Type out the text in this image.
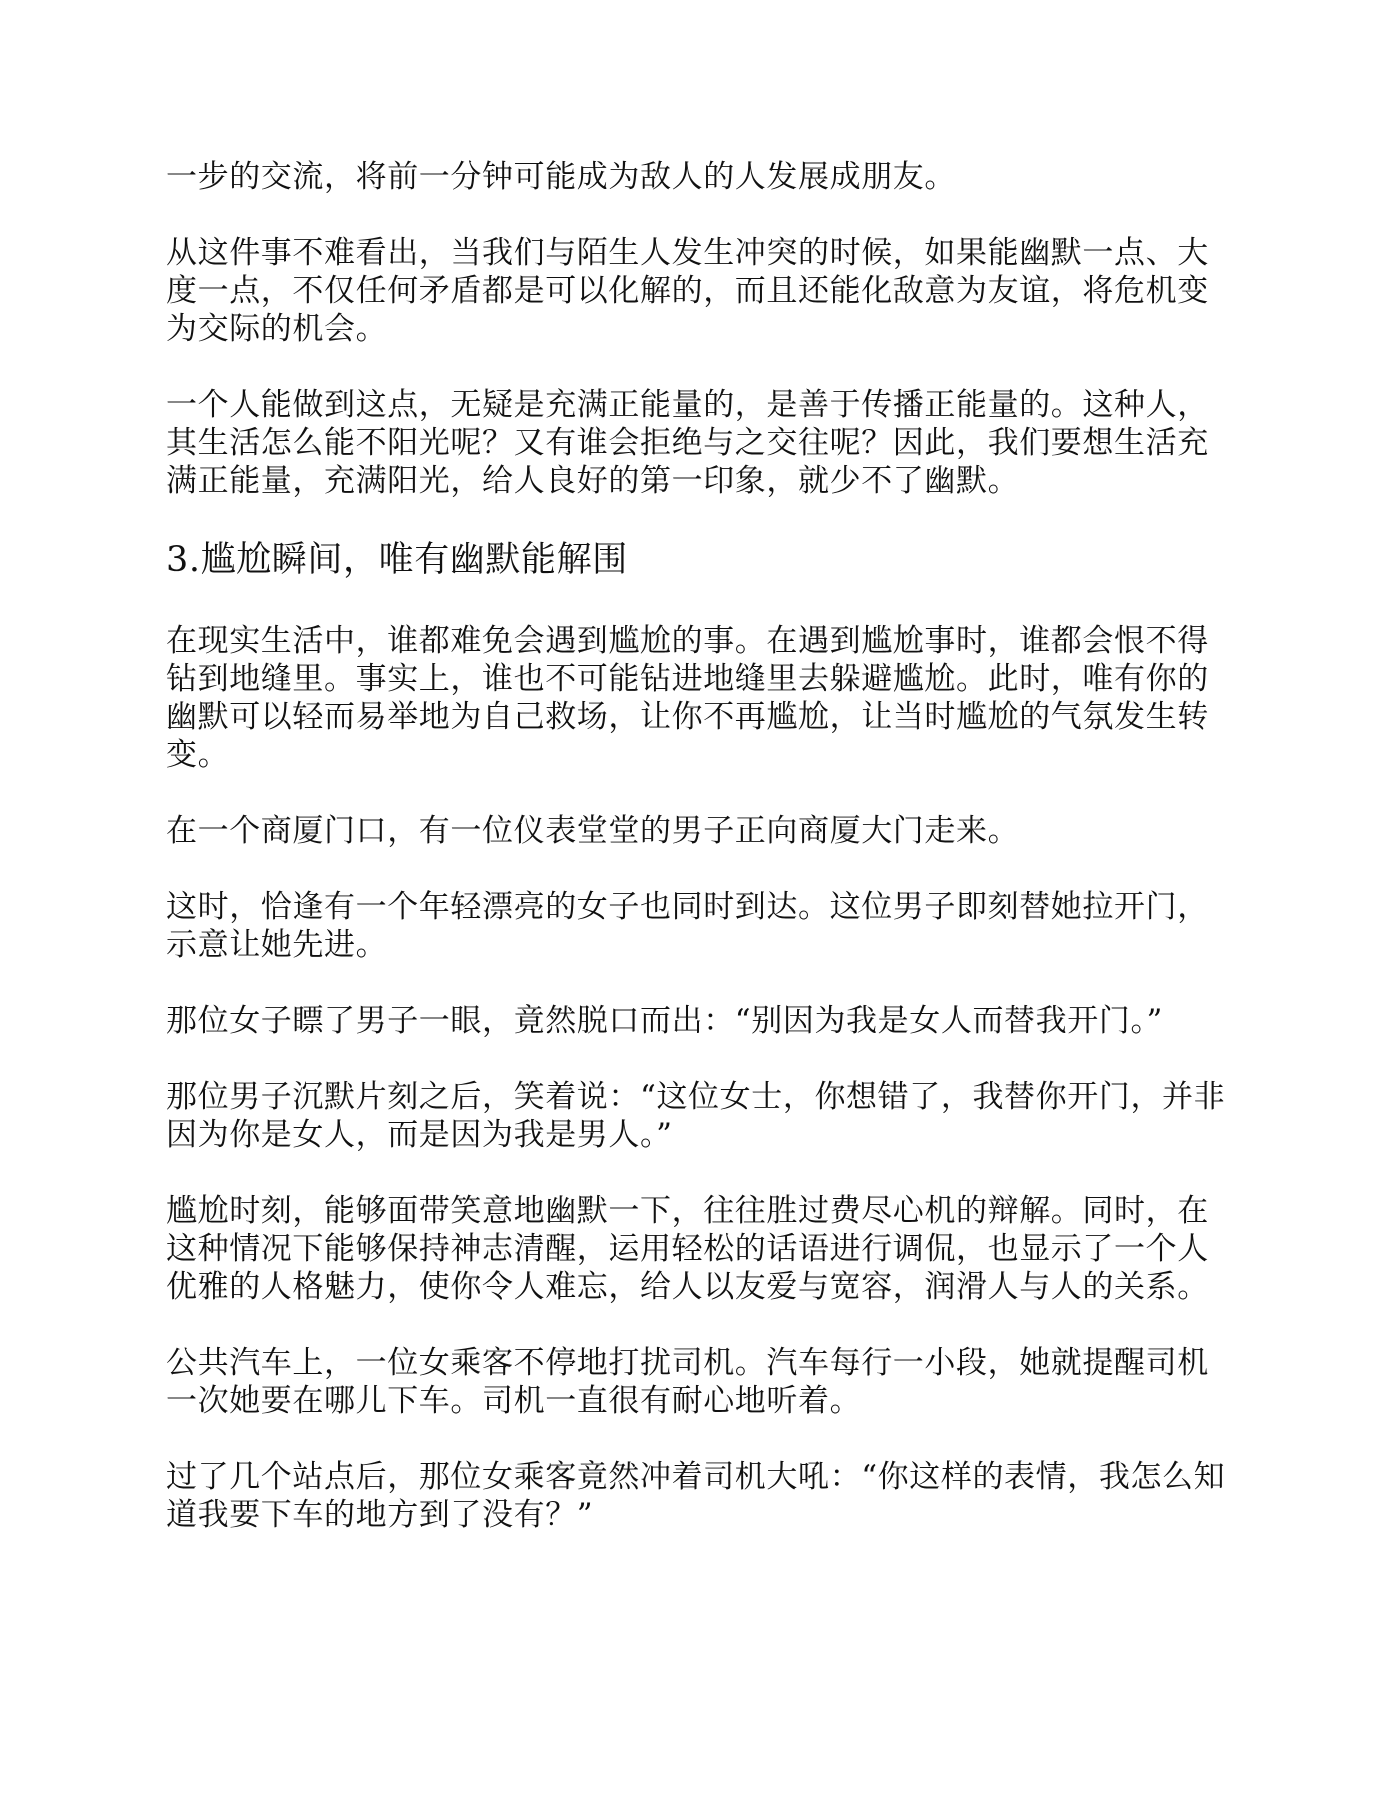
一步的交流，将前一分钟可能成为敌人的人发展成朋友。

从这件事不难看出，当我们与陌生人发生冲突的时候，如果能幽默一点、大度一点，不仅任何矛盾都是可以化解的，而且还能化敌意为友谊，将危机变为交际的机会。

一个人能做到这点，无疑是充满正能量的，是善于传播正能量的。这种人，其生活怎么能不阳光呢？又有谁会拒绝与之交往呢？因此，我们要想生活充满正能量，充满阳光，给人良好的第一印象，就少不了幽默。

3.尴尬瞬间，唯有幽默能解围

在现实生活中，谁都难免会遇到尴尬的事。在遇到尴尬事时，谁都会恨不得钻到地缝里。事实上，谁也不可能钻进地缝里去躲避尴尬。此时，唯有你的幽默可以轻而易举地为自己救场，让你不再尴尬，让当时尴尬的气氛发生转变。

在一个商厦门口，有一位仪表堂堂的男子正向商厦大门走来。

这时，恰逢有一个年轻漂亮的女子也同时到达。这位男子即刻替她拉开门，示意让她先进。

那位女子瞟了男子一眼，竟然脱口而出：“别因为我是女人而替我开门。”

那位男子沉默片刻之后，笑着说：“这位女士，你想错了，我替你开门，并非因为你是女人，而是因为我是男人。”

尴尬时刻，能够面带笑意地幽默一下，往往胜过费尽心机的辩解。同时，在这种情况下能够保持神志清醒，运用轻松的话语进行调侃，也显示了一个人优雅的人格魅力，使你令人难忘，给人以友爱与宽容，润滑人与人的关系。

公共汽车上，一位女乘客不停地打扰司机。汽车每行一小段，她就提醒司机一次她要在哪儿下车。司机一直很有耐心地听着。

过了几个站点后，那位女乘客竟然冲着司机大吼：“你这样的表情，我怎么知道我要下车的地方到了没有？”
